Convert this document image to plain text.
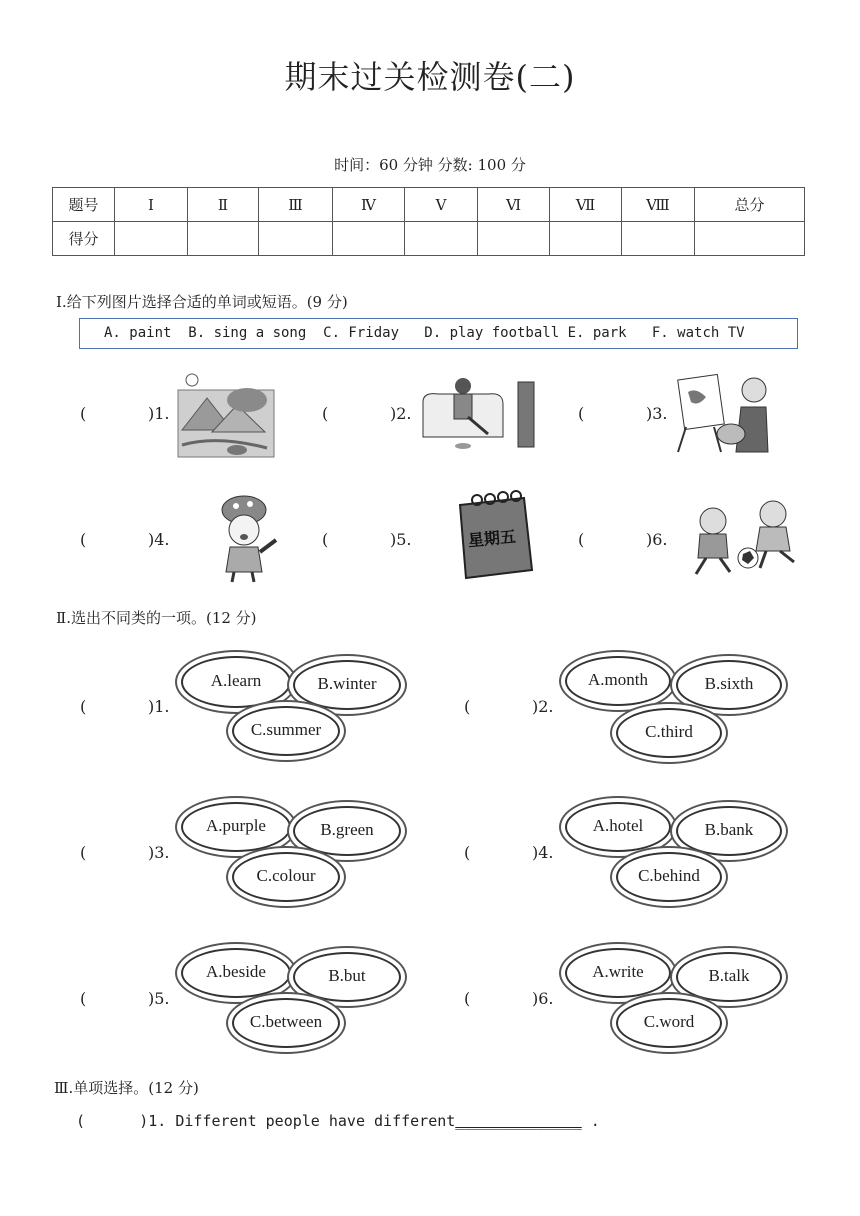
期末过关检测卷(二)
时间：60 分钟 分数: 100 分
题号	Ⅰ	Ⅱ	Ⅲ	Ⅳ	Ⅴ	Ⅵ	Ⅶ	Ⅷ	总分
得分									
Ⅰ.给下列图片选择合适的单词或短语。(9 分)
A. paint  B. sing a song  C. Friday   D. play football E. park   F. watch TV
(	)1.	(	)2.	(	)3.
(	)4.	(	)5.	星期五	(	)6.
Ⅱ.选出不同类的一项。(12 分)
(	)1.
A.learn	B.winter
C.summer
(	)2.
A.month	B.sixth
C.third
(	)3.
A.purple	B.green
C.colour
(	)4.
A.hotel	B.bank
C.behind
(	)5.
A.beside	B.but
C.between
(	)6.
A.write	B.talk
C.word
Ⅲ.单项选择。(12 分)
(	)1. Different people have different______________ .
